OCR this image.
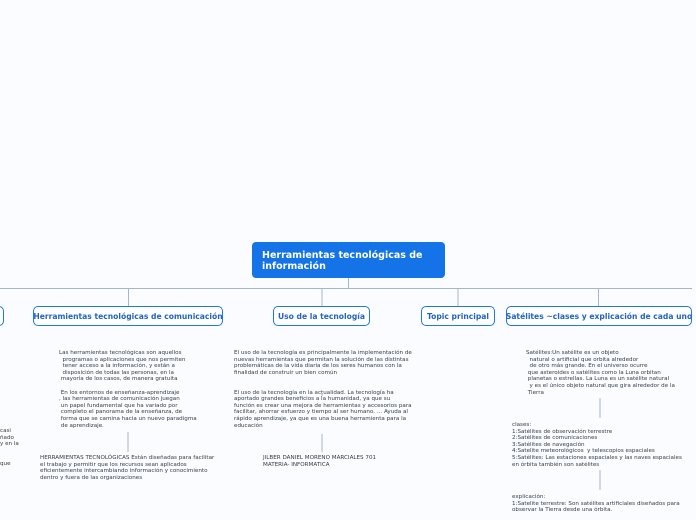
Herramientas tecnológicas de
información
Herramientas tecnológicas de comunicación	Uso de la tecnología	Topic principal Satélites ~clases y explicación de cada uno
Las herramientas tecnológicas son aquellos
programas o aplicaciones que nos permiten
tener acceso a la información, y están a
disposición de todas las personas, en la
mayoría de los casos, de manera gratuita

En los entornos de enseñanza-aprendizaje
, las herramientas de comunicación juegan
un papel fundamental que ha variado por
completo el panorama de la enseñanza, de
forma que se camina hacia un nuevo paradigma
de aprendizaje.
HERRAMIENTAS TECNOLÓGICAS Están diseñadas para facilitar
el trabajo y permitir que los recursos sean aplicados
eficientemente intercambiando información y conocimiento
dentro y fuera de las organizaciones
El uso de la tecnología es principalmente la implementación de
nuevas herramientas que permitan la solución de las distintas
problemáticas de la vida diaria de los seres humanos con la
finalidad de construir un bien común

El uso de la tecnología en la actualidad. La tecnología ha
aportado grandes beneficios a la humanidad, ya que su
función es crear una mejora de herramientas y accesorios para
facilitar, ahorrar esfuerzo y tiempo al ser humano. ... Ayuda al
rápido aprendizaje, ya que es una buena herramienta para la
educación
JILBER DANIEL MORENO MARCIALES 701
MATERIA- INFORMATICA
Satélites:Un satélite es un objeto
natural o artificial que orbita alrededor
de otro más grande. En el universo ocurre
que asteroides o satélites como la Luna orbitan
planetas o estrellas. La Luna es un satélite natural
y es el único objeto natural que gira alrededor de la
Tierra
clases:
1:Satélites de observación terrestre
2:Satélites de comunicaciones
3:Satélites de navegación
4:Satelite meteorológicos  y telescopios espaciales
5:Satélites: Las estaciones espaciales y las naves espaciales
en órbita también son satélites
explicación:
1:Satelite terrestre: Son satélites artificiales diseñados para
observar la Tierra desde una órbita.
casi
ñado
y en la

que
